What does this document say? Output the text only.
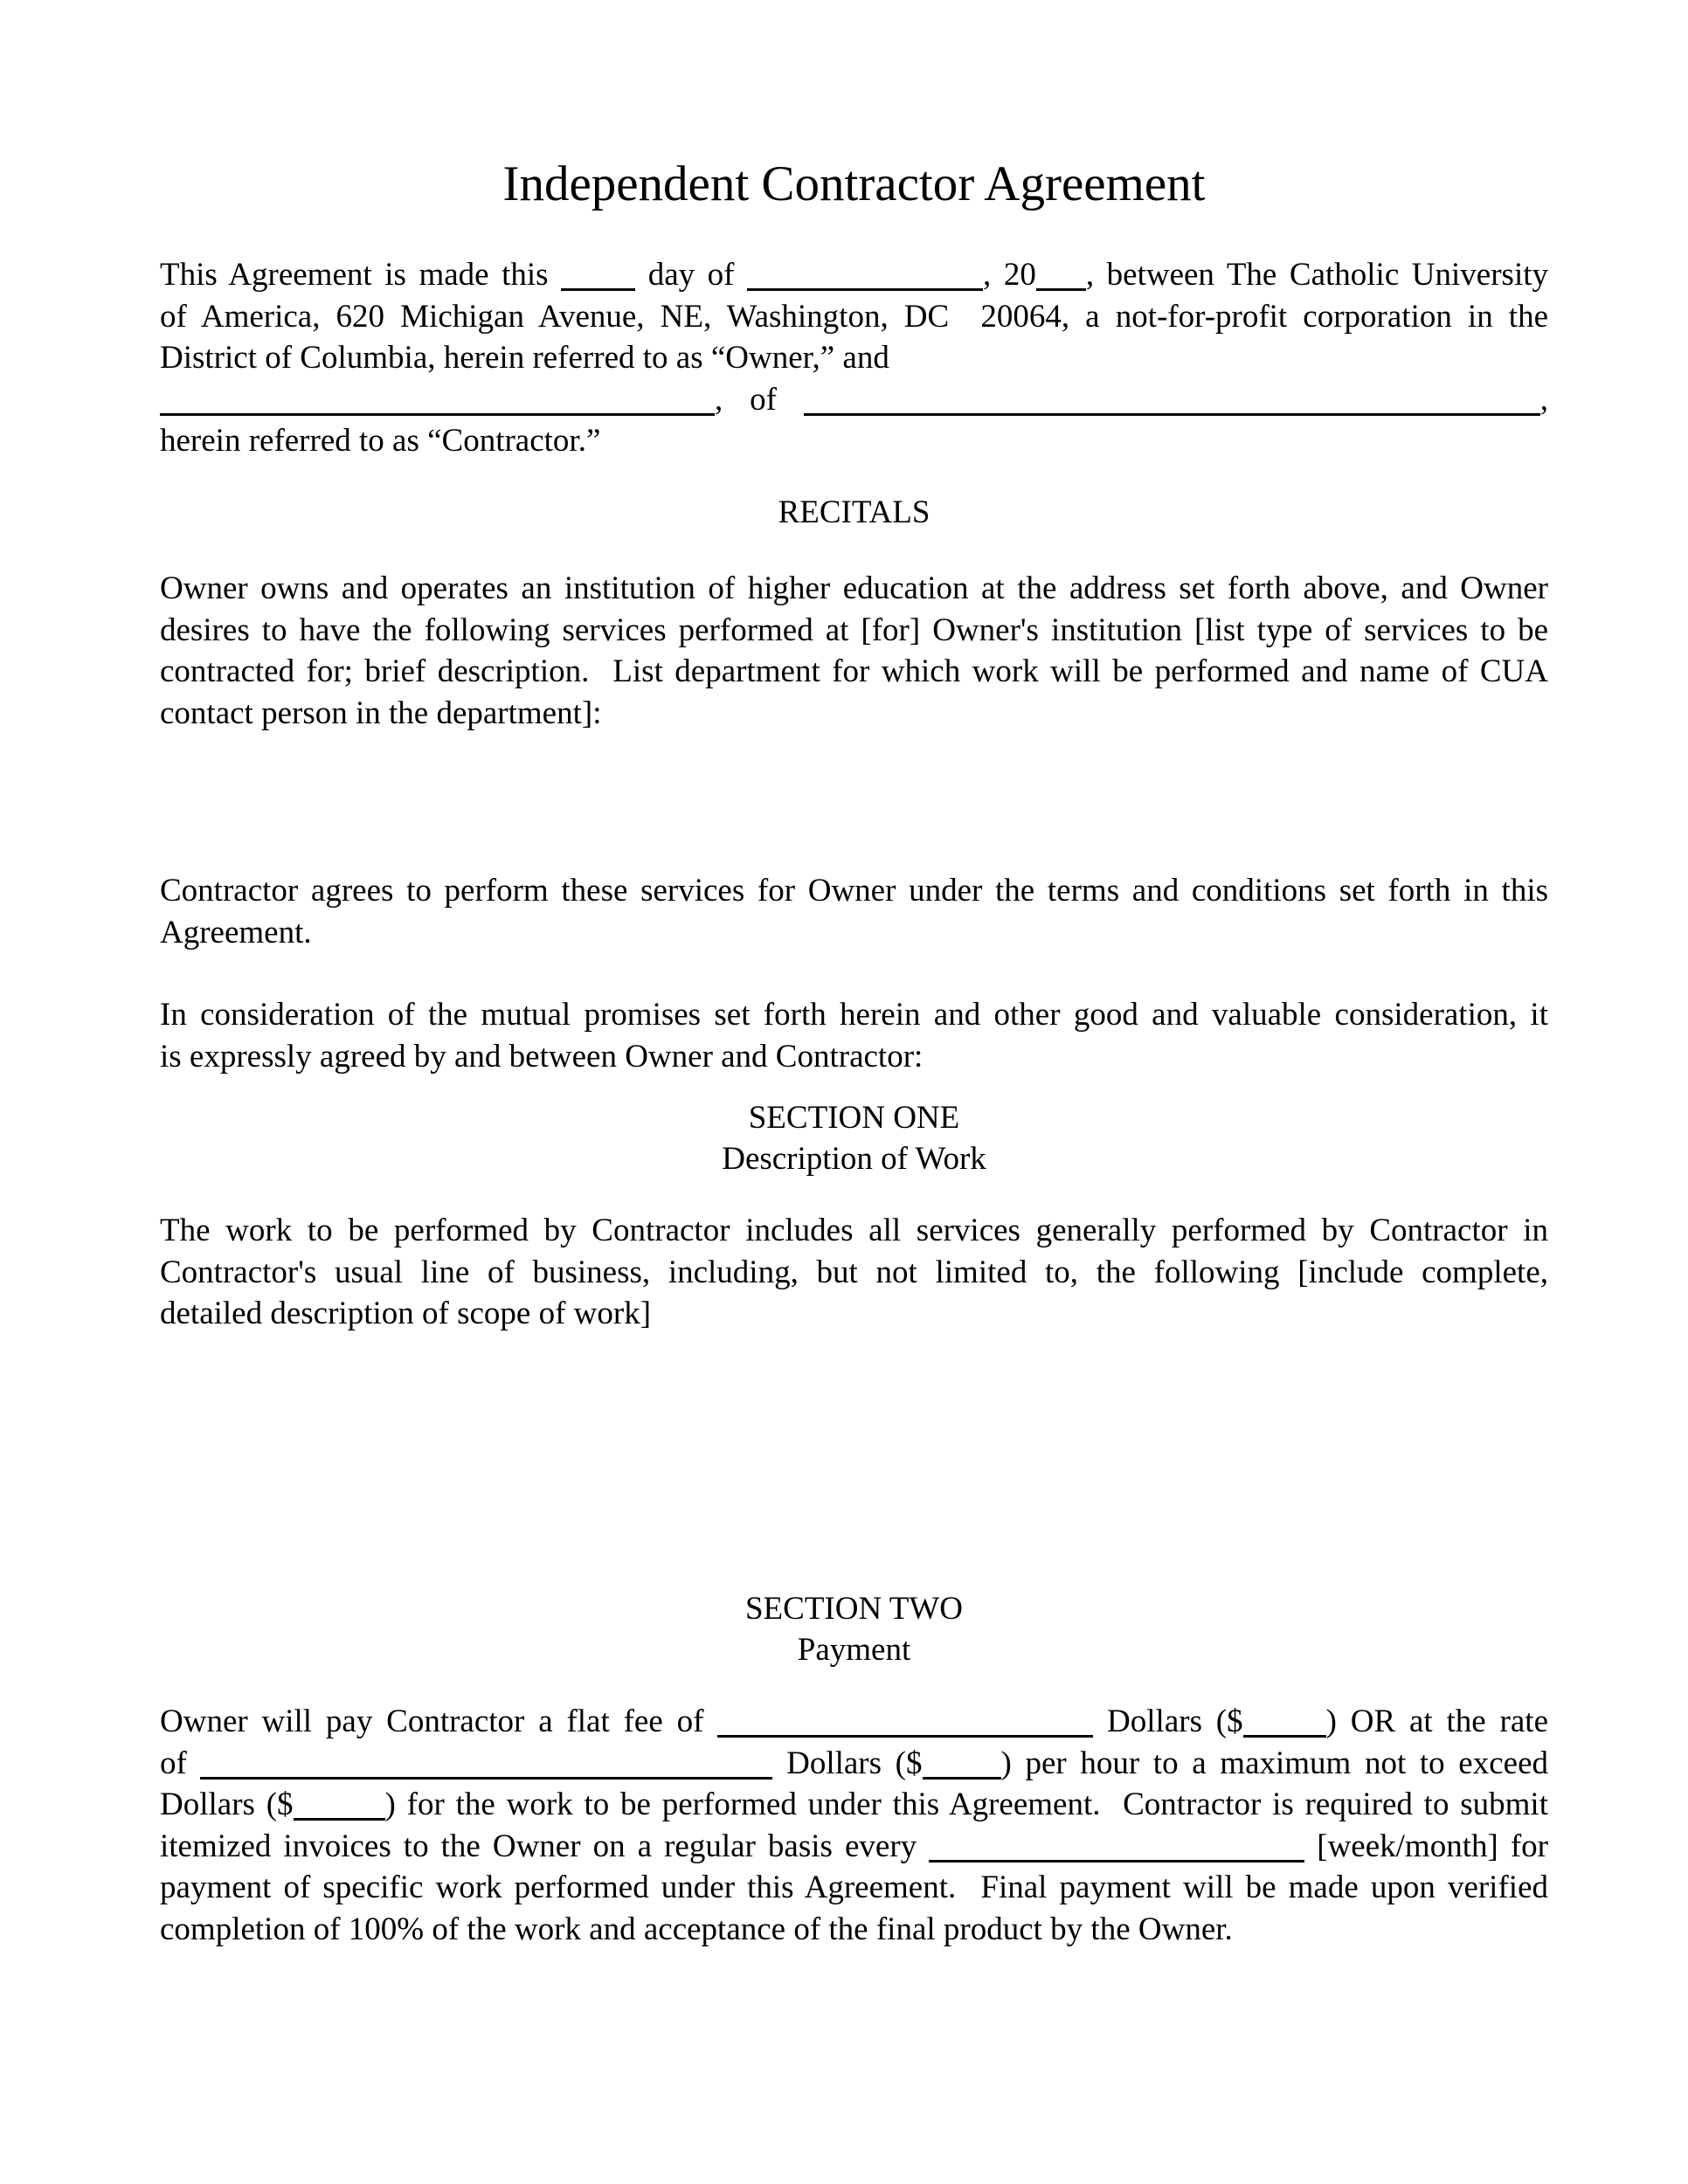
Independent Contractor Agreement
This Agreement is made this  day of	, 20 , between The Catholic University
of America, 620 Michigan Avenue, NE, Washington, DC  20064, a not-for-profit corporation in the
District of Columbia, herein referred to as “Owner,” and
, of	,
herein referred to as “Contractor.”
RECITALS
Owner owns and operates an institution of higher education at the address set forth above, and Owner
desires to have the following services performed at [for] Owner's institution [list type of services to be
contracted for; brief description.  List department for which work will be performed and name of CUA
contact person in the department]:
Contractor agrees to perform these services for Owner under the terms and conditions set forth in this
Agreement.
In consideration of the mutual promises set forth herein and other good and valuable consideration, it
is expressly agreed by and between Owner and Contractor:
SECTION ONE
Description of Work
The work to be performed by Contractor includes all services generally performed by Contractor in
Contractor's usual line of business, including, but not limited to, the following [include complete,
detailed description of scope of work]
SECTION TWO
Payment
Owner will pay Contractor a flat fee of	Dollars ($	) OR at the rate
of	Dollars ($ ) per hour to a maximum not to exceed
Dollars ($	) for the work to be performed under this Agreement.  Contractor is required to submit
itemized invoices to the Owner on a regular basis every	[week/month] for
payment of specific work performed under this Agreement.  Final payment will be made upon verified
completion of 100% of the work and acceptance of the final product by the Owner.
